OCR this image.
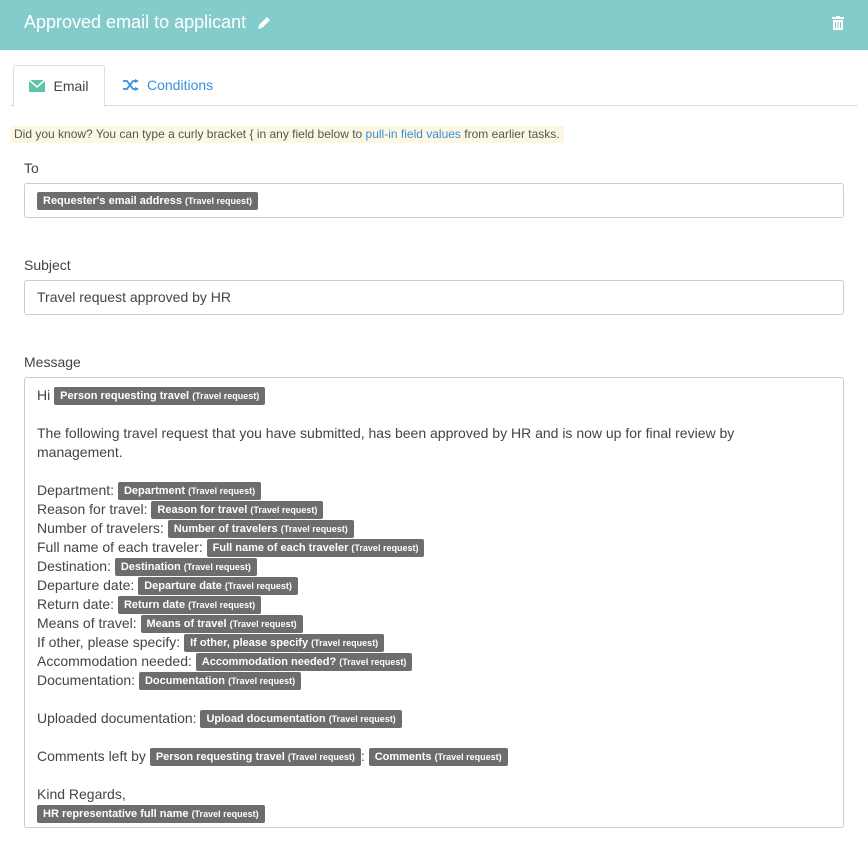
Approved email to applicant
Email	Conditions
Did you know? You can type a curly bracket { in any field below to pull-in field values from earlier tasks.
To
Requester's email address (Travel request)
Subject
Travel request approved by HR
Message
Hi Person requesting travel (Travel request)
The following travel request that you have submitted, has been approved by HR and is now up for final review by
management.
Department: Department (Travel request)
Reason for travel: Reason for travel (Travel request)
Number of travelers: Number of travelers (Travel request)
Full name of each traveler: Full name of each traveler (Travel request)
Destination: Destination (Travel request)
Departure date: Departure date (Travel request)
Return date: Return date (Travel request)
Means of travel: Means of travel (Travel request)
If other, please specify: If other, please specify (Travel request)
Accommodation needed: Accommodation needed? (Travel request)
Documentation: Documentation (Travel request)
Uploaded documentation: Upload documentation (Travel request)
Comments left by Person requesting travel (Travel request) : Comments (Travel request)
Kind Regards,
HR representative full name (Travel request)
